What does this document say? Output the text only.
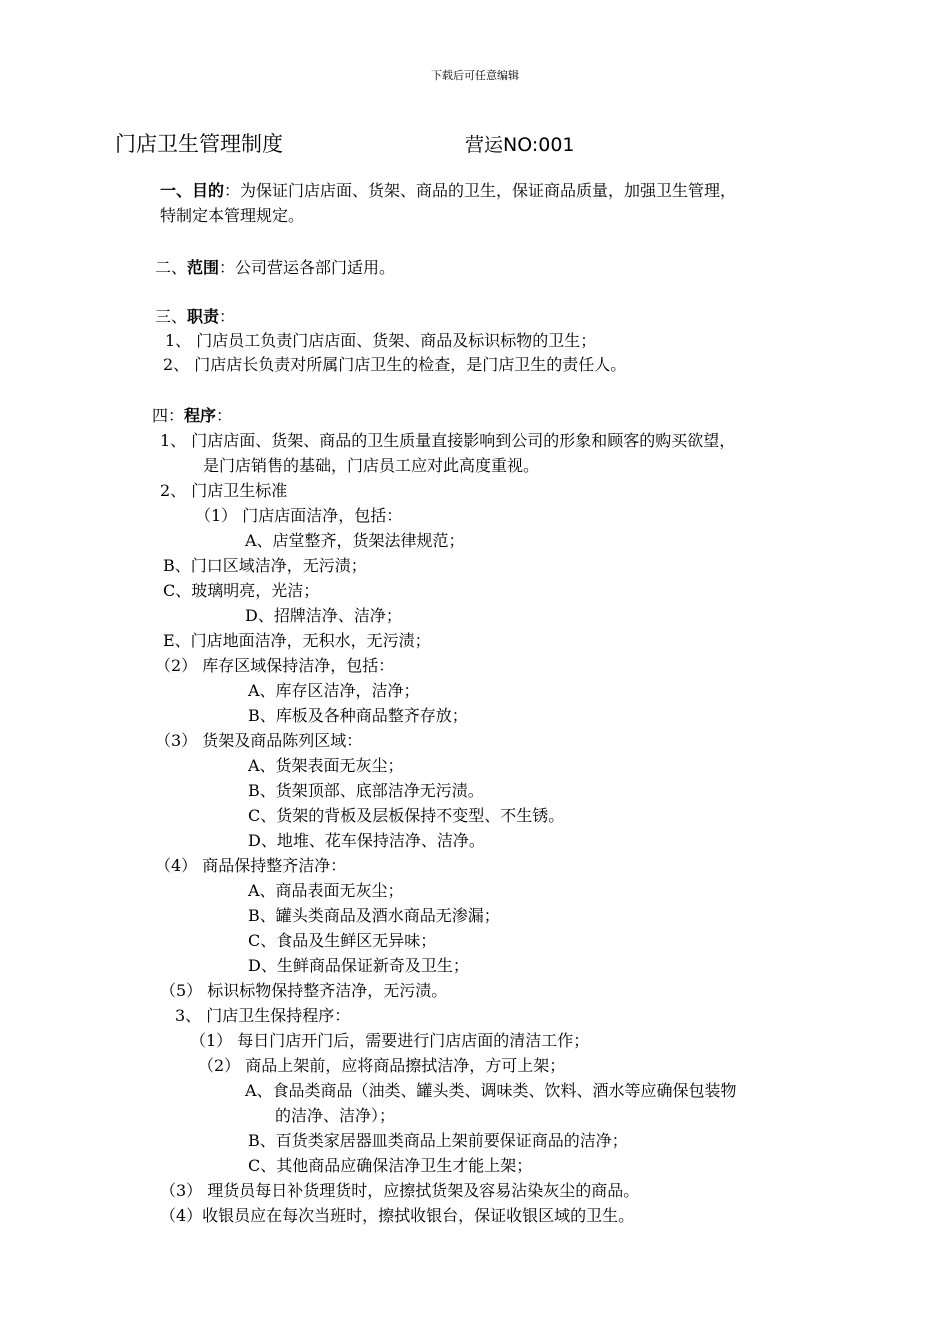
下载后可任意编辑
门店卫生管理制度	营运NO:001
一、目的：为保证门店店面、货架、商品的卫生，保证商品质量，加强卫生管理，
特制定本管理规定。
二、范围：公司营运各部门适用。
三、职责：
1、 门店员工负责门店店面、货架、商品及标识标物的卫生；
2、 门店店长负责对所属门店卫生的检查，是门店卫生的责任人。
四：程序：
1、 门店店面、货架、商品的卫生质量直接影响到公司的形象和顾客的购买欲望，
是门店销售的基础，门店员工应对此高度重视。
2、 门店卫生标准
（1） 门店店面洁净，包括：
A、店堂整齐，货架法律规范；
B、门口区域洁净，无污渍；
C、玻璃明亮，光洁；
D、招牌洁净、洁净；
E、门店地面洁净，无积水，无污渍；
（2） 库存区域保持洁净，包括：
A、库存区洁净，洁净；
B、库板及各种商品整齐存放；
（3） 货架及商品陈列区域：
A、货架表面无灰尘；
B、货架顶部、底部洁净无污渍。
C、货架的背板及层板保持不变型、不生锈。
D、地堆、花车保持洁净、洁净。
（4） 商品保持整齐洁净：
A、商品表面无灰尘；
B、罐头类商品及酒水商品无渗漏；
C、食品及生鲜区无异味；
D、生鲜商品保证新奇及卫生；
（5） 标识标物保持整齐洁净，无污渍。
3、 门店卫生保持程序：
（1） 每日门店开门后，需要进行门店店面的清洁工作；
（2） 商品上架前，应将商品擦拭洁净，方可上架；
A、食品类商品（油类、罐头类、调味类、饮料、酒水等应确保包装物
的洁净、洁净）；
B、百货类家居器皿类商品上架前要保证商品的洁净；
C、其他商品应确保洁净卫生才能上架；
（3） 理货员每日补货理货时，应擦拭货架及容易沾染灰尘的商品。
（4）收银员应在每次当班时，擦拭收银台，保证收银区域的卫生。
